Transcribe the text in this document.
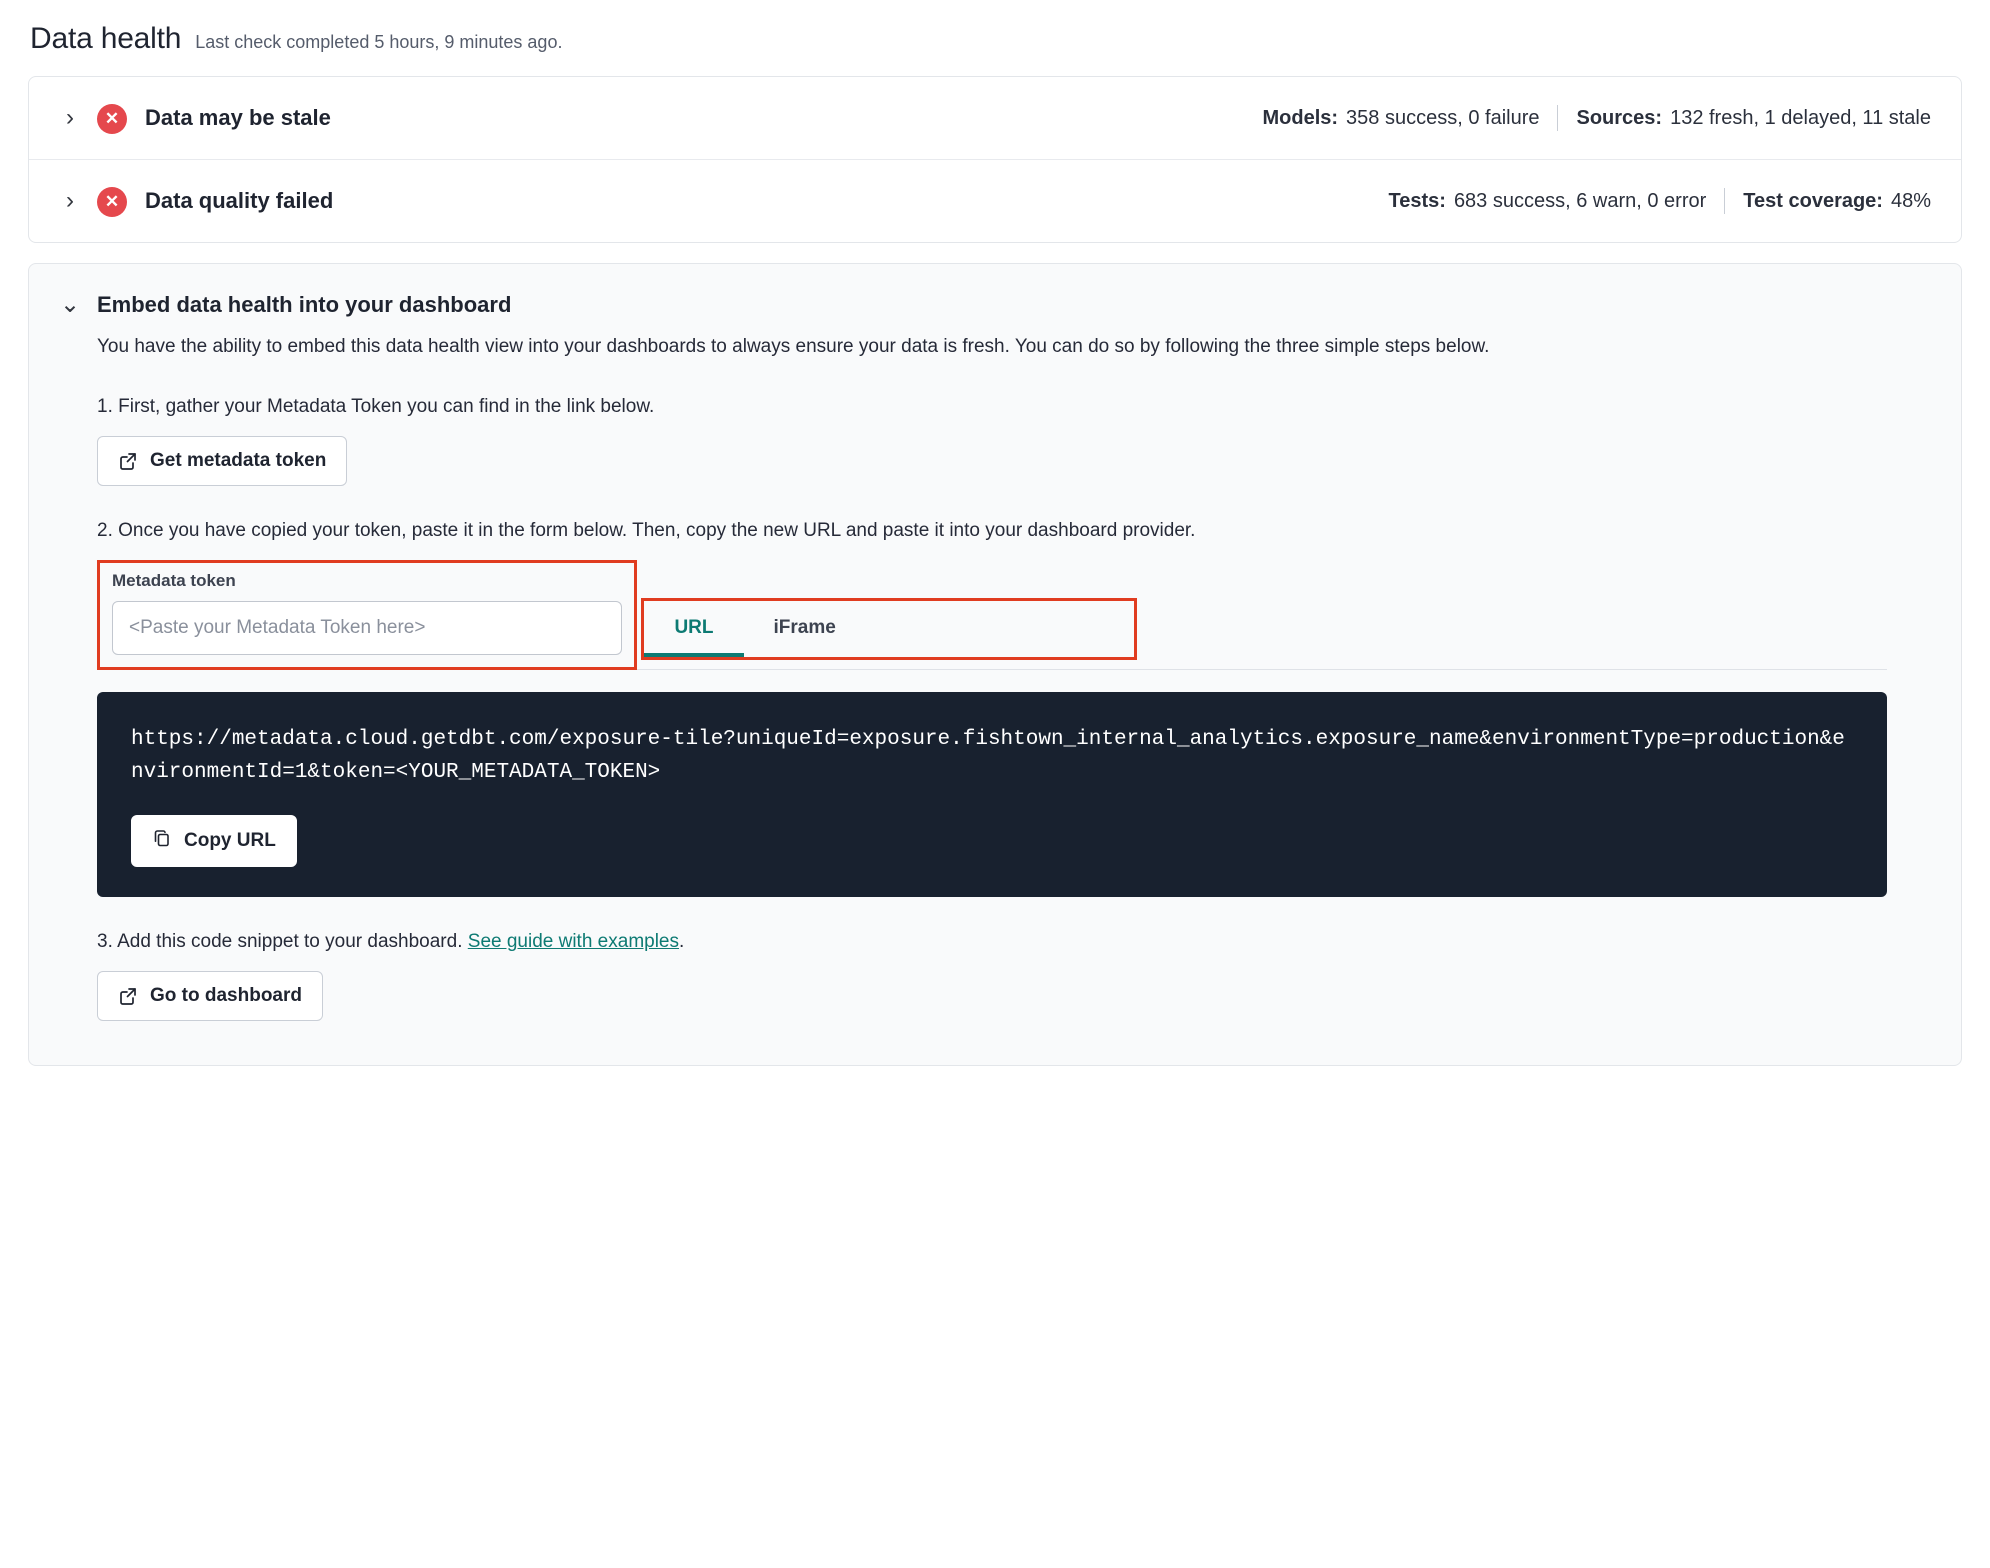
Data health Last check completed 5 hours, 9 minutes ago.
›	✕	Data may be stale	Models: 358 success, 0 failure Sources: 132 fresh, 1 delayed, 11 stale
›	✕	Data quality failed	Tests: 683 success, 6 warn, 0 error Test coverage: 48%
⌄ Embed data health into your dashboard

You have the ability to embed this data health view into your dashboards to always ensure your data is fresh. You can do so by following the three simple steps below.

1. First, gather your Metadata Token you can find in the link below.

Get metadata token

2. Once you have copied your token, paste it in the form below. Then, copy the new URL and paste it into your dashboard provider.

Metadata token
<Paste your Metadata Token here>
URL	iFrame
https://metadata.cloud.getdbt.com/exposure-tile?uniqueId=exposure.fishtown_internal_analytics.exposure_name&environmentType=production&environmentId=1&token=<YOUR_METADATA_TOKEN>
Copy URL

3. Add this code snippet to your dashboard. See guide with examples.

Go to dashboard
